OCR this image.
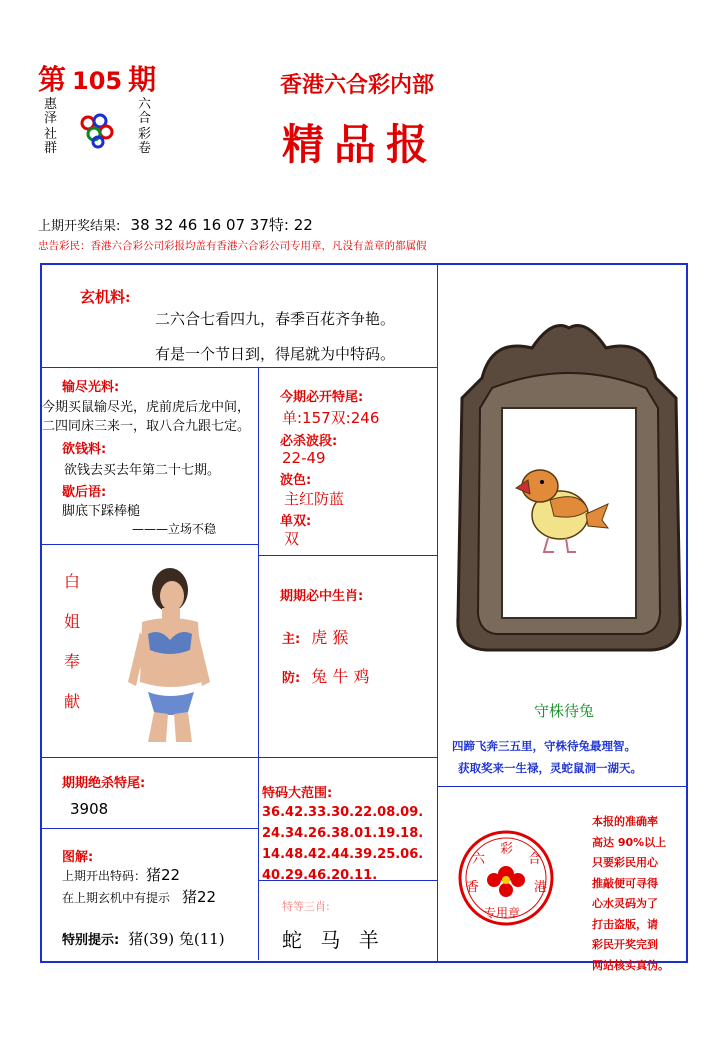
第 105 期
惠泽
社群
六合
彩卷
香港六合彩内部
精品报
上期开奖结果: 38 32 46 16 07 37特: 22
忠告彩民：香港六合彩公司彩报均盖有香港六合彩公司专用章，凡没有盖章的都属假
玄机料:
二六合七看四九，春季百花齐争艳。
有是一个节日到，得尾就为中特码。
输尽光料:
今期买鼠输尽光，虎前虎后龙中间，
二四同床三来一，取八合九跟七定。
欲钱料:
欲钱去买去年第二十七期。
歇后语:
脚底下踩棒槌
———立场不稳
今期必开特尾:
单:157双:246
必杀波段:
22-49
波色:
主红防蓝
单双:
双
期期必中生肖:
主: 虎 猴
防: 兔 牛 鸡
白
姐
奉
献
期期绝杀特尾:
3908
图解:
上期开出特码：猪22
在上期玄机中有提示 猪22
特别提示: 猪(39) 兔(11)
特码大范围:
36.42.33.30.22.08.09.
24.34.26.38.01.19.18.
14.48.42.44.39.25.06.
40.29.46.20.11.
特等三肖:
蛇 马 羊
守株待兔
四蹄飞奔三五里，守株待兔最理智。
获取奖来一生禄，灵蛇鼠洞一湖天。
彩
六	合
香	港
专用章
本报的准确率
高达 90%以上
只要彩民用心
推敲便可寻得
心水灵码为了
打击盗版，请
彩民开奖完到
网站核实真伪。
